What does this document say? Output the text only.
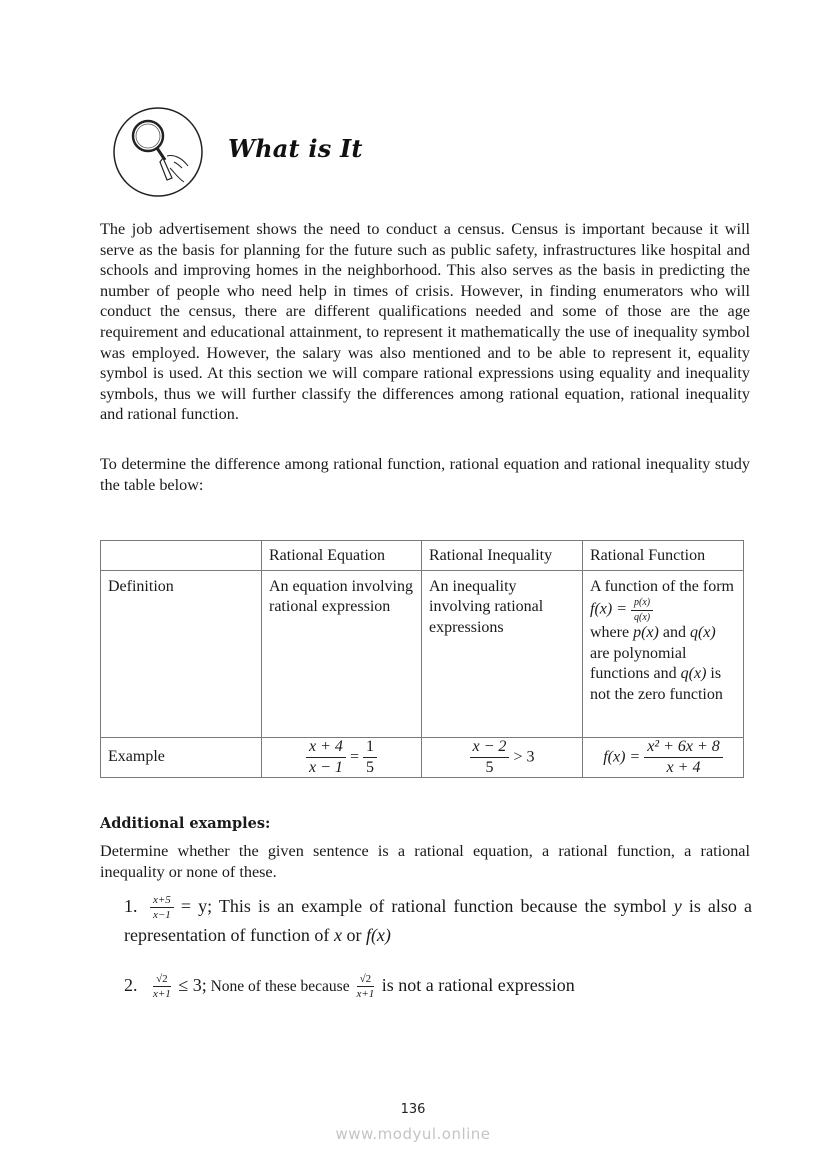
What is It

The job advertisement shows the need to conduct a census. Census is important because it will serve as the basis for planning for the future such as public safety, infrastructures like hospital and schools and improving homes in the neighborhood. This also serves as the basis in predicting the number of people who need help in times of crisis. However, in finding enumerators who will conduct the census, there are different qualifications needed and some of those are the age requirement and educational attainment, to represent it mathematically the use of inequality symbol was employed. However, the salary was also mentioned and to be able to represent it, equality symbol is used. At this section we will compare rational expressions using equality and inequality symbols, thus we will further classify the differences among rational equation, rational inequality and rational function.

To determine the difference among rational function, rational equation and rational inequality study the table below:

	Rational Equation	Rational Inequality	Rational Function
Definition	An equation involving rational expression	An inequality involving rational expressions	A function of the form $f(x) = \frac{p(x)}{q(x)}$

where p(x) and q(x) are polynomial functions and q(x) is not the zero function
Example	$\frac{x + 4}{x - 1} = \frac{1}{5}$	$\frac{x - 2}{5} > 3$	$f(x) = \frac{\text{x² + 6x + 8}}{x + 4}$
Additional examples:

Determine whether the given sentence is a rational equation, a rational function, a rational inequality or none of these.

1. $\frac{x+5}{x-1} = y$; This is an example of rational function because the symbol y is also a representation of function of x or f(x)
2. $\frac{√2}{x+1} \le 3$; None of these because $\frac{√2}{x+1}$ is not a rational expression
136
www.modyul.online
